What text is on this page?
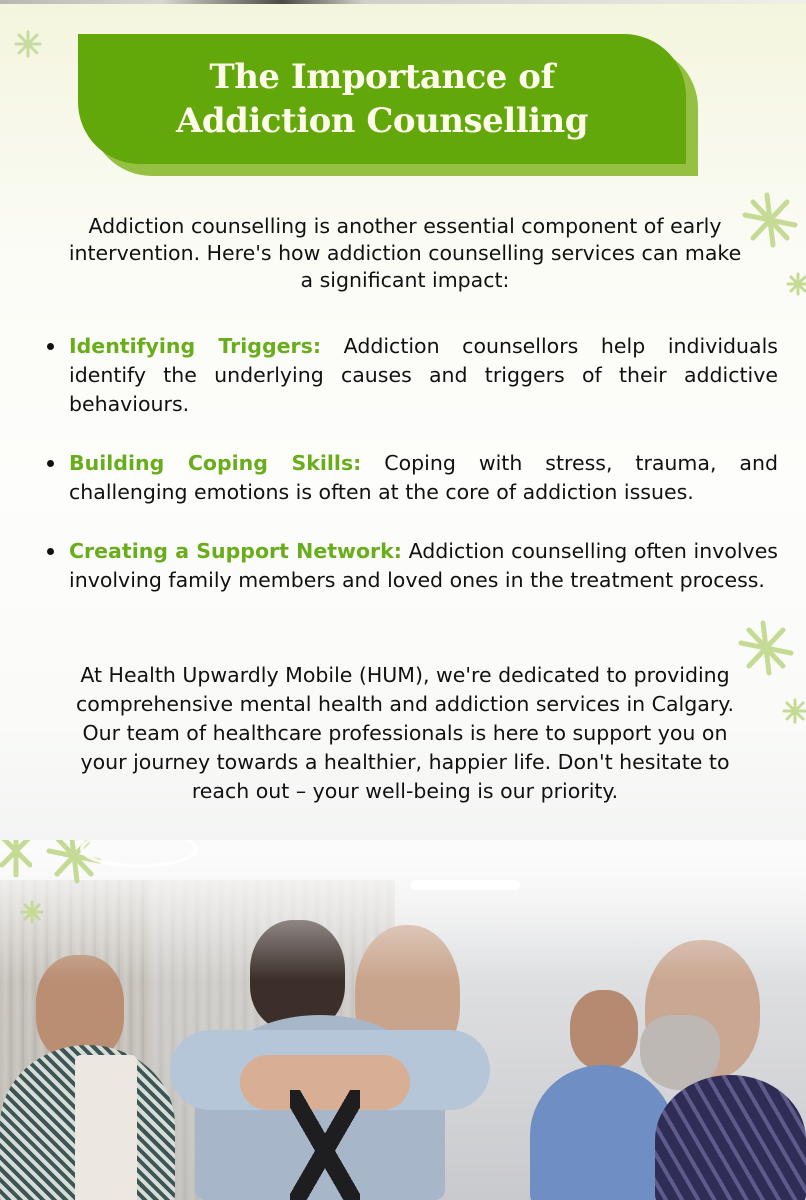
The Importance of
Addiction Counselling
Addiction counselling is another essential component of early intervention. Here's how addiction counselling services can make a significant impact:
Identifying Triggers: Addiction counsellors help individuals identify the underlying causes and triggers of their addictive behaviours.
Building Coping Skills: Coping with stress, trauma, and challenging emotions is often at the core of addiction issues.
Creating a Support Network: Addiction counselling often involves involving family members and loved ones in the treatment process.
At Health Upwardly Mobile (HUM), we're dedicated to providing comprehensive mental health and addiction services in Calgary. Our team of healthcare professionals is here to support you on your journey towards a healthier, happier life. Don't hesitate to reach out – your well-being is our priority.
